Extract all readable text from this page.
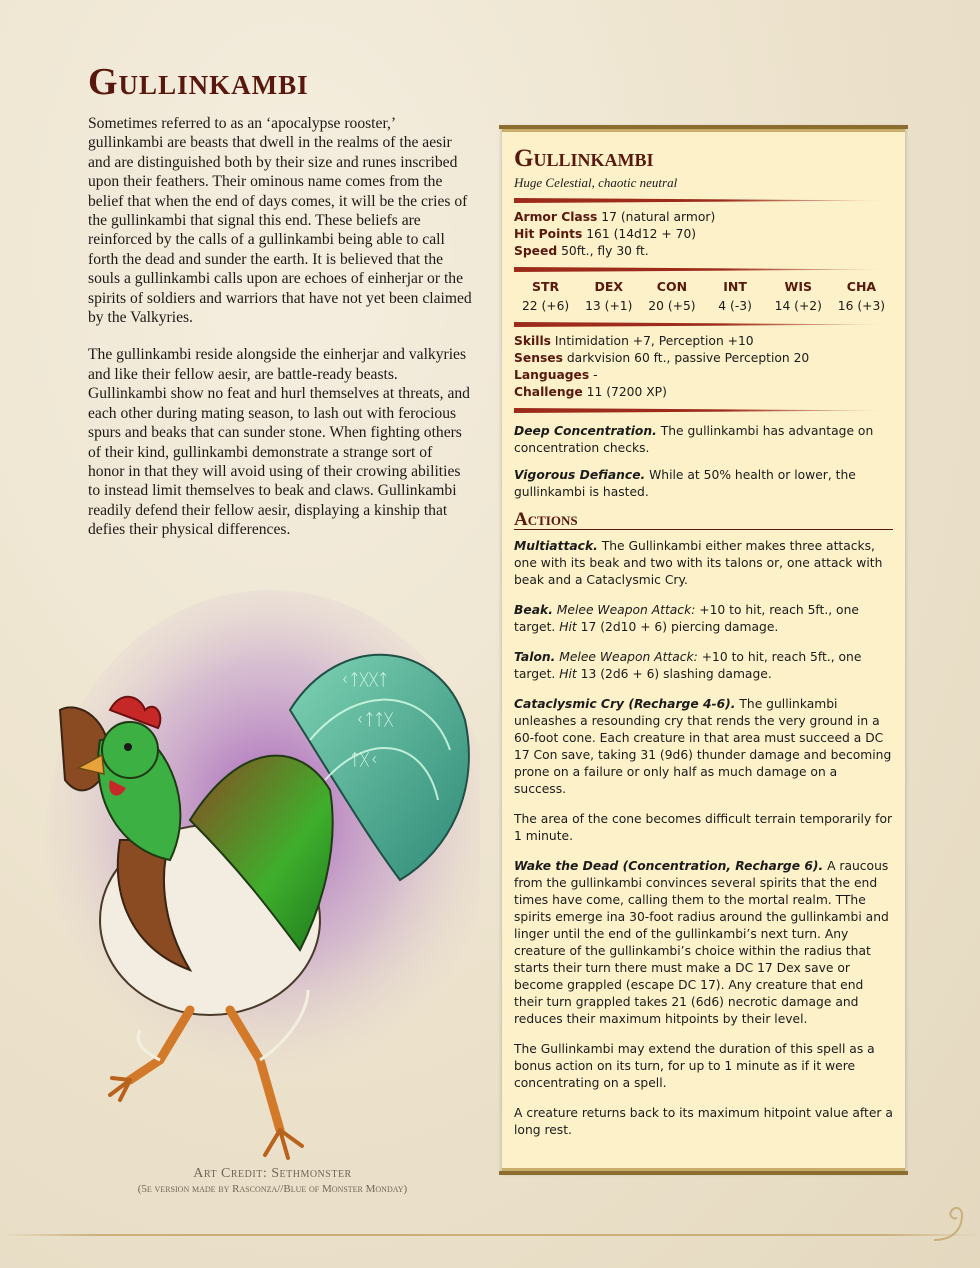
Gullinkambi

Sometimes referred to as an ‘apocalypse rooster,’ gullinkambi are beasts that dwell in the realms of the aesir and are distinguished both by their size and runes inscribed upon their feathers. Their ominous name comes from the belief that when the end of days comes, it will be the cries of the gullinkambi that signal this end. These beliefs are reinforced by the calls of a gullinkambi being able to call forth the dead and sunder the earth. It is believed that the souls a gullinkambi calls upon are echoes of einherjar or the spirits of soldiers and warriors that have not yet been claimed by the Valkyries.

The gullinkambi reside alongside the einherjar and valkyries and like their fellow aesir, are battle-ready beasts. Gullinkambi show no feat and hurl themselves at threats, and each other during mating season, to lash out with ferocious spurs and beaks that can sunder stone. When fighting others of their kind, gullinkambi demonstrate a strange sort of honor in that they will avoid using of their crowing abilities to instead limit themselves to beak and claws. Gullinkambi readily defend their fellow aesir, displaying a kinship that defies their physical differences.

ᚲᛏᚷᚷᛏ
ᚲᛏᛏᚷ
ᛏᚷᚲ
Art Credit: Sethmonster
(5e version made by Rasconza//Blue of Monster Monday)
Gullinkambi
Huge Celestial, chaotic neutral

Armor Class 17 (natural armor)

Hit Points 161 (14d12 + 70)

Speed 50ft., fly 30 ft.

STR
22 (+6)
DEX
13 (+1)
CON
20 (+5)
INT
4 (-3)
WIS
14 (+2)
CHA
16 (+3)

Skills Intimidation +7, Perception +10

Senses darkvision 60 ft., passive Perception 20

Languages -

Challenge 11 (7200 XP)

Deep Concentration. The gullinkambi has advantage on concentration checks.

Vigorous Defiance. While at 50% health or lower, the gullinkambi is hasted.

Actions

Multiattack. The Gullinkambi either makes three attacks, one with its beak and two with its talons or, one attack with beak and a Cataclysmic Cry.

Beak. Melee Weapon Attack: +10 to hit, reach 5ft., one target. Hit 17 (2d10 + 6) piercing damage.

Talon. Melee Weapon Attack: +10 to hit, reach 5ft., one target. Hit 13 (2d6 + 6) slashing damage.

Cataclysmic Cry (Recharge 4-6). The gullinkambi unleashes a resounding cry that rends the very ground in a 60-foot cone. Each creature in that area must succeed a DC 17 Con save, taking 31 (9d6) thunder damage and becoming prone on a failure or only half as much damage on a success.

The area of the cone becomes difficult terrain temporarily for 1 minute.

Wake the Dead (Concentration, Recharge 6). A raucous from the gullinkambi convinces several spirits that the end times have come, calling them to the mortal realm. TThe spirits emerge ina 30-foot radius around the gullinkambi and linger until the end of the gullinkambi’s next turn. Any creature of the gullinkambi’s choice within the radius that starts their turn there must make a DC 17 Dex save or become grappled (escape DC 17). Any creature that end their turn grappled takes 21 (6d6) necrotic damage and reduces their maximum hitpoints by their level.

The Gullinkambi may extend the duration of this spell as a bonus action on its turn, for up to 1 minute as if it were concentrating on a spell.

A creature returns back to its maximum hitpoint value after a long rest.
